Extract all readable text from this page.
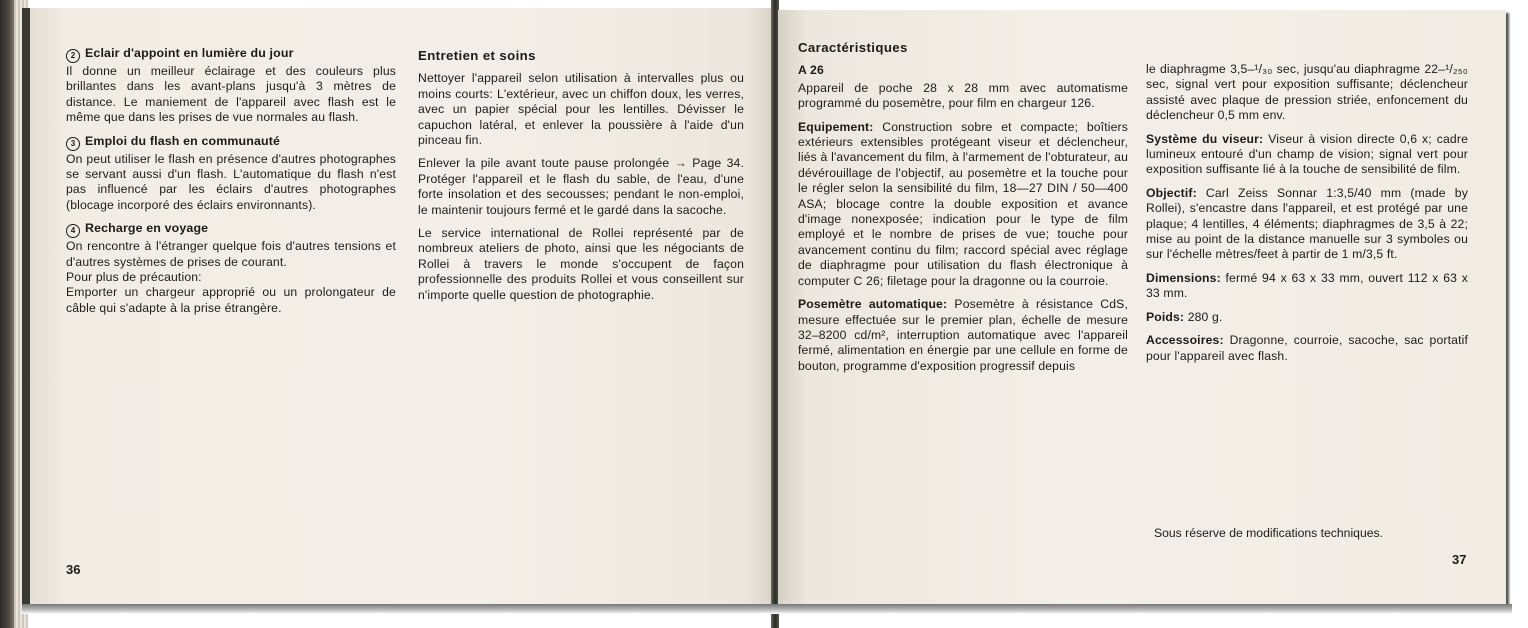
2 Eclair d'appoint en lumière du jour

Il donne un meilleur éclairage et des couleurs plus brillantes dans les avant-plans jusqu'à 3 mètres de distance. Le maniement de l'appareil avec flash est le même que dans les prises de vue normales au flash.

3 Emploi du flash en communauté

On peut utiliser le flash en présence d'autres photographes se servant aussi d'un flash. L'automatique du flash n'est pas influencé par les éclairs d'autres photographes (blocage incorporé des éclairs environnants).

4 Recharge en voyage

On rencontre à l'étranger quelque fois d'autres tensions et d'autres systèmes de prises de courant.

Pour plus de précaution:

Emporter un chargeur approprié ou un prolongateur de câble qui s'adapte à la prise étrangère.

Entretien et soins

Nettoyer l'appareil selon utilisation à intervalles plus ou moins courts: L'extérieur, avec un chiffon doux, les verres, avec un papier spécial pour les lentilles. Dévisser le capuchon latéral, et enlever la poussière à l'aide d'un pinceau fin.

Enlever la pile avant toute pause prolongée → Page 34. Protéger l'appareil et le flash du sable, de l'eau, d'une forte insolation et des secousses; pendant le non-emploi, le maintenir toujours fermé et le gardé dans la sacoche.

Le service international de Rollei représenté par de nombreux ateliers de photo, ainsi que les négociants de Rollei à travers le monde s'occupent de façon professionnelle des produits Rollei et vous conseillent sur n'importe quelle question de photographie.

36
Caractéristiques
A 26

Appareil de poche 28 x 28 mm avec automatisme programmé du posemètre, pour film en chargeur 126.

Equipement: Construction sobre et compacte; boîtiers extérieurs extensibles protégeant viseur et déclencheur, liés à l'avancement du film, à l'armement de l'obturateur, au dévérouillage de l'objectif, au posemètre et la touche pour le régler selon la sensibilité du film, 18—27 DIN / 50—400 ASA; blocage contre la double exposition et avance d'image nonexposée; indication pour le type de film employé et le nombre de prises de vue; touche pour avancement continu du film; raccord spécial avec réglage de diaphragme pour utilisation du flash électronique à computer C 26; filetage pour la dragonne ou la courroie.

Posemètre automatique: Posemètre à résistance CdS, mesure effectuée sur le premier plan, échelle de mesure 32–8200 cd/m², interruption automatique avec l'appareil fermé, alimentation en énergie par une cellule en forme de bouton, programme d'exposition progressif depuis

le diaphragme 3,5–¹/₃₀ sec, jusqu'au diaphragme 22–¹/₂₅₀ sec, signal vert pour exposition suffisante; déclencheur assisté avec plaque de pression striée, enfoncement du déclencheur 0,5 mm env.

Système du viseur: Viseur à vision directe 0,6 x; cadre lumineux entouré d'un champ de vision; signal vert pour exposition suffisante lié à la touche de sensibilité de film.

Objectif: Carl Zeiss Sonnar 1:3,5/40 mm (made by Rollei), s'encastre dans l'appareil, et est protégé par une plaque; 4 lentilles, 4 éléments; diaphragmes de 3,5 à 22; mise au point de la distance manuelle sur 3 symboles ou sur l'échelle mètres/feet à partir de 1 m/3,5 ft.

Dimensions: fermé 94 x 63 x 33 mm, ouvert 112 x 63 x 33 mm.

Poids: 280 g.

Accessoires: Dragonne, courroie, sacoche, sac portatif pour l'appareil avec flash.

Sous réserve de modifications techniques.
37
